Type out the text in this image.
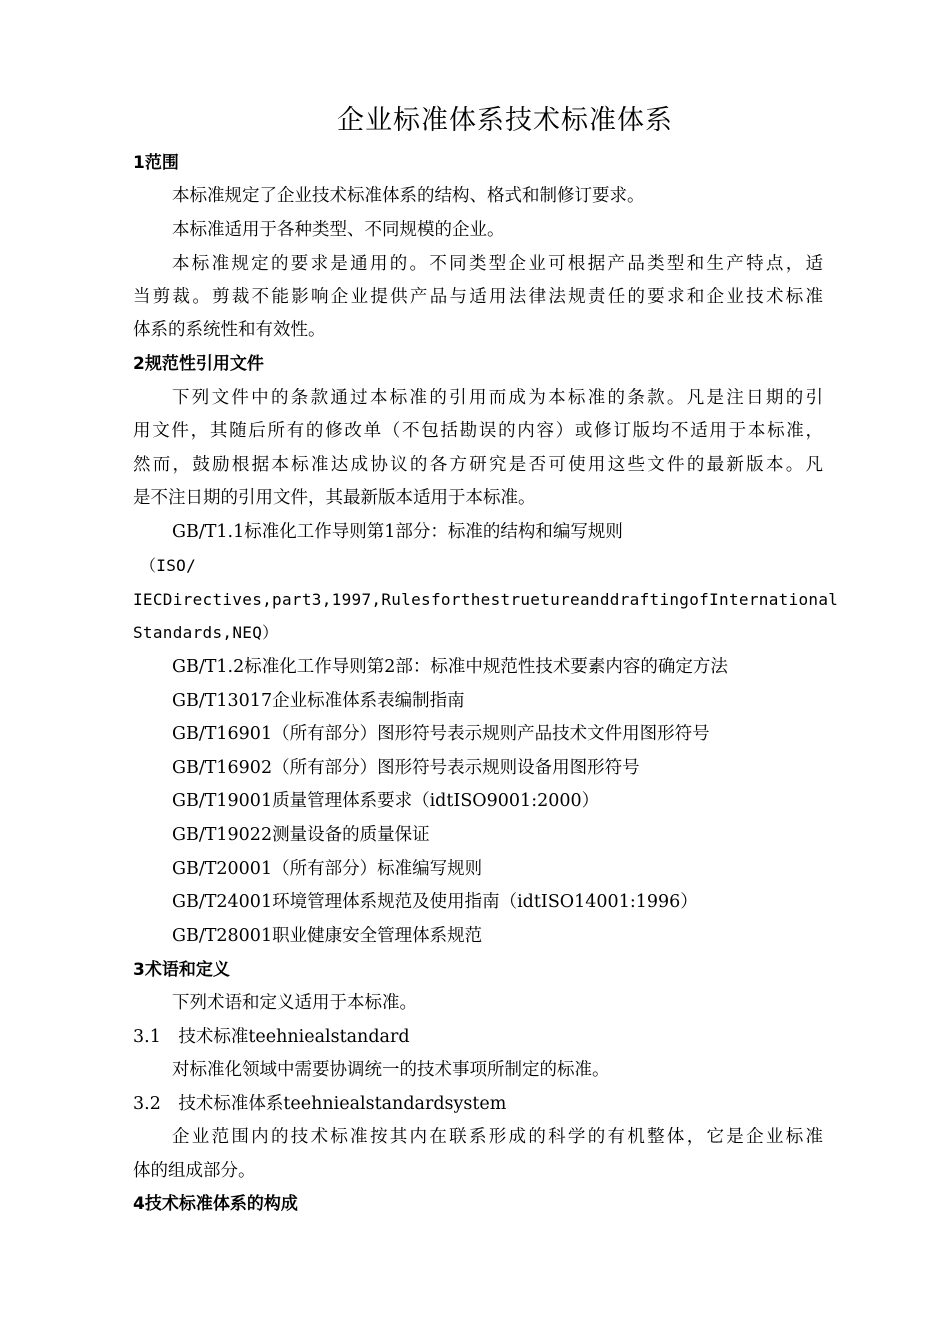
企业标准体系技术标准体系
1范围
本标准规定了企业技术标准体系的结构、格式和制修订要求。
本标准适用于各种类型、不同规模的企业。
本标准规定的要求是通用的。不同类型企业可根据产品类型和生产特点，适
当剪裁。剪裁不能影响企业提供产品与适用法律法规责任的要求和企业技术标准
体系的系统性和有效性。
2规范性引用文件
下列文件中的条款通过本标准的引用而成为本标准的条款。凡是注日期的引
用文件，其随后所有的修改单（不包括勘误的内容）或修订版均不适用于本标准，
然而，鼓励根据本标准达成协议的各方研究是否可使用这些文件的最新版本。凡
是不注日期的引用文件，其最新版本适用于本标准。
GB/T1.1标准化工作导则第1部分：标准的结构和编写规则
（ISO/
IECDirectives,part3,1997,RulesforthestruetureanddraftingofInternational
Standards,NEQ）
GB/T1.2标准化工作导则第2部：标准中规范性技术要素内容的确定方法
GB/T13017企业标准体系表编制指南
GB/T16901（所有部分）图形符号表示规则产品技术文件用图形符号
GB/T16902（所有部分）图形符号表示规则设备用图形符号
GB/T19001质量管理体系要求（idtISO9001:2000）
GB/T19022测量设备的质量保证
GB/T20001（所有部分）标准编写规则
GB/T24001环境管理体系规范及使用指南（idtISO14001:1996）
GB/T28001职业健康安全管理体系规范
3术语和定义
下列术语和定义适用于本标准。
3.1　技术标准teehniealstandard
对标准化领域中需要协调统一的技术事项所制定的标准。
3.2　技术标准体系teehniealstandardsystem
企业范围内的技术标准按其内在联系形成的科学的有机整体，它是企业标准
体的组成部分。
4技术标准体系的构成
